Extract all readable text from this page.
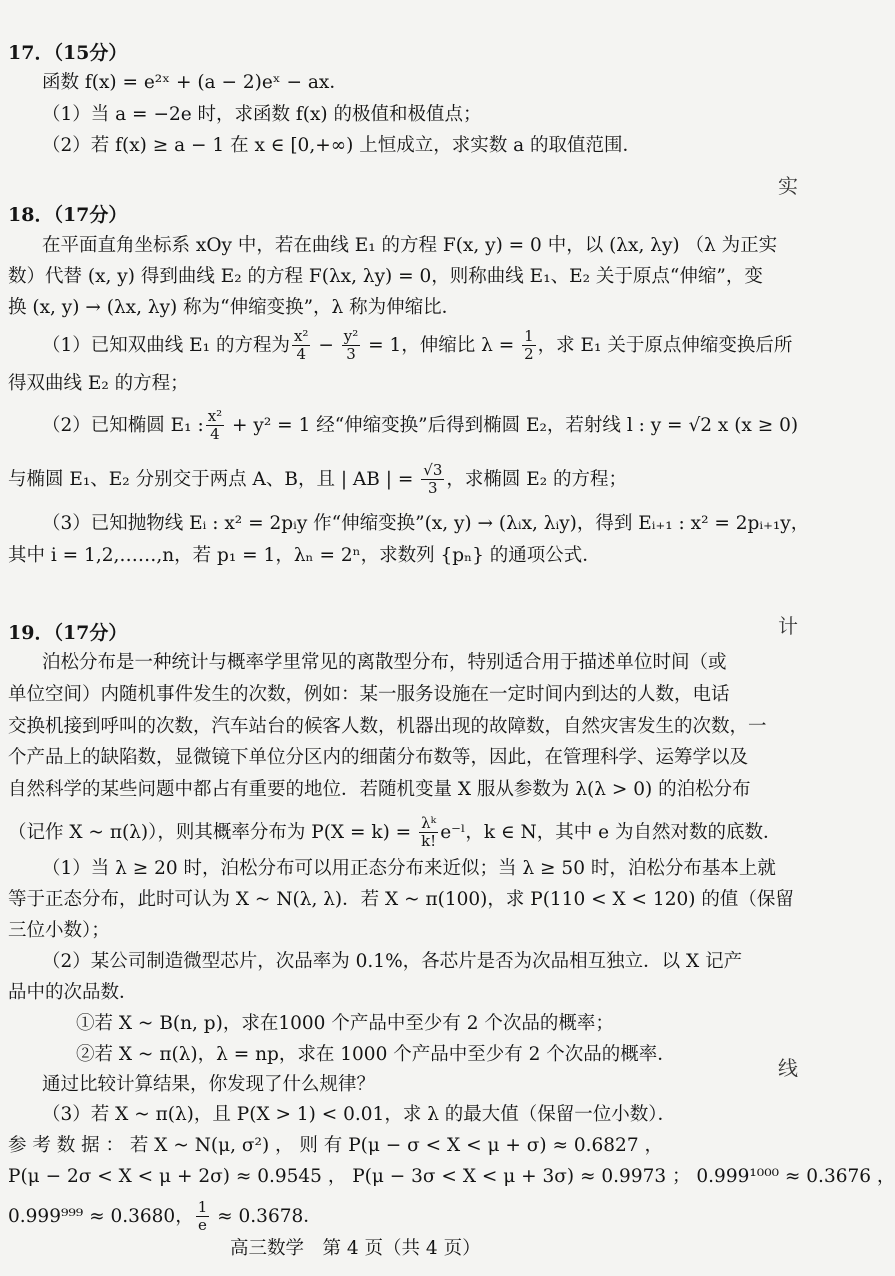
17．（15分）
函数 f(x) = e²ˣ + (a − 2)eˣ − ax．
（1）当 a = −2e 时，求函数 f(x) 的极值和极值点；
（2）若 f(x) ≥ a − 1 在 x ∈ [0,+∞) 上恒成立，求实数 a 的取值范围．
18．（17分）
在平面直角坐标系 xOy 中，若在曲线 E₁ 的方程 F(x, y) = 0 中，以 (λx, λy) （λ 为正实
数）代替 (x, y) 得到曲线 E₂ 的方程 F(λx, λy) = 0，则称曲线 E₁、E₂ 关于原点“伸缩”，变
换 (x, y) → (λx, λy) 称为“伸缩变换”，λ 称为伸缩比．
（1）已知双曲线 E₁ 的方程为 $\frac{\text{x²}}{4} - \frac{\text{y²}}{3} = 1$，伸缩比 $\lambda = \frac{1}{2}$ ，求 E₁ 关于原点伸缩变换后所
得双曲线 E₂ 的方程；
（2）已知椭圆 E₁ : $\frac{\text{x²}}{4} + y^2 = 1$ 经“伸缩变换”后得到椭圆 E₂，若射线 l : y = √2 x (x ≥ 0)
与椭圆 E₁、E₂ 分别交于两点 A、B，且 | AB | = $\frac{√3}{3}$ ，求椭圆 E₂ 的方程；
（3）已知抛物线 Eᵢ : x² = 2pᵢy 作“伸缩变换”(x, y) → (λᵢx, λᵢy)，得到 Eᵢ₊₁ : x² = 2pᵢ₊₁y，
其中 i = 1,2,……,n，若 p₁ = 1，λₙ = 2ⁿ，求数列 {pₙ} 的通项公式．
19．（17分）
泊松分布是一种统计与概率学里常见的离散型分布，特别适合用于描述单位时间（或
单位空间）内随机事件发生的次数，例如：某一服务设施在一定时间内到达的人数，电话
交换机接到呼叫的次数，汽车站台的候客人数，机器出现的故障数，自然灾害发生的次数，一
个产品上的缺陷数，显微镜下单位分区内的细菌分布数等，因此，在管理科学、运筹学以及
自然科学的某些问题中都占有重要的地位．若随机变量 X 服从参数为 λ(λ > 0) 的泊松分布
（记作 X ~ π(λ)），则其概率分布为 $P(X = k) = \frac{\text{λᵏ}}{k!}$ e⁻ˡ，k ∈ N，其中 e 为自然对数的底数．
（1）当 λ ≥ 20 时，泊松分布可以用正态分布来近似；当 λ ≥ 50 时，泊松分布基本上就
等于正态分布，此时可认为 X ~ N(λ, λ)．若 X ~ π(100)，求 P(110 < X < 120) 的值（保留
三位小数）；
（2）某公司制造微型芯片，次品率为 0.1%，各芯片是否为次品相互独立．以 X 记产
品中的次品数．
①若 X ~ B(n, p)，求在1000 个产品中至少有 2 个次品的概率；
②若 X ~ π(λ)，λ = np，求在 1000 个产品中至少有 2 个次品的概率．
通过比较计算结果，你发现了什么规律？
（3）若 X ~ π(λ)，且 P(X > 1) < 0.01，求 λ 的最大值（保留一位小数）．
参 考 数 据 ： 若 X ~ N(μ, σ²) ， 则 有 P(μ − σ < X < μ + σ) ≈ 0.6827 ，
P(μ − 2σ < X < μ + 2σ) ≈ 0.9545 ， P(μ − 3σ < X < μ + 3σ) ≈ 0.9973 ； 0.999¹⁰⁰⁰ ≈ 0.3676 ，
0.999⁹⁹⁹ ≈ 0.3680， $\frac{1}{e} \approx 0.3678$．
实
计
线
高三数学　第 4 页（共 4 页）
